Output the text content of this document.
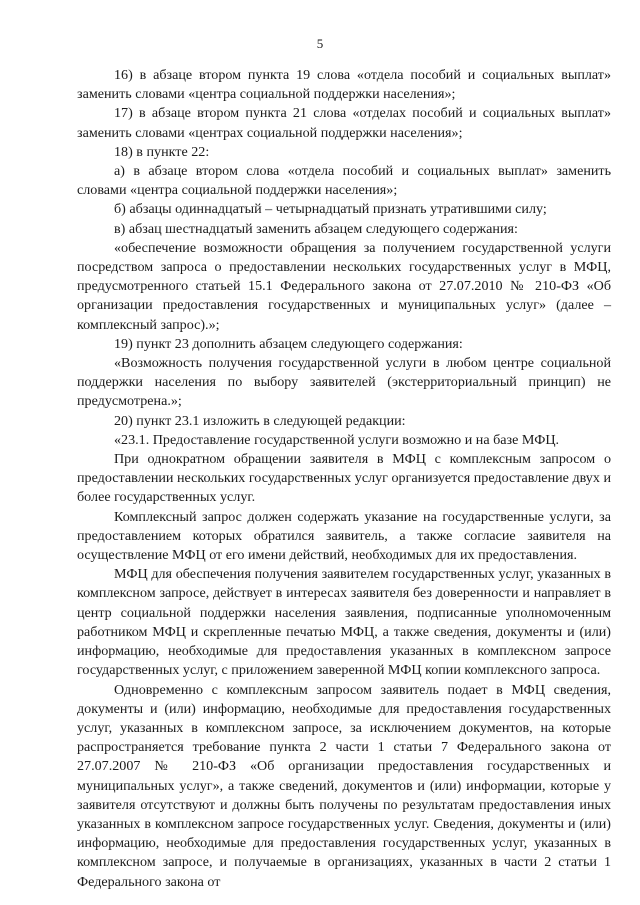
5

16) в абзаце втором пункта 19 слова «отдела пособий и социальных выплат» заменить словами «центра социальной поддержки населения»;

17) в абзаце втором пункта 21 слова «отделах пособий и социальных выплат» заменить словами «центрах социальной поддержки населения»;

18) в пункте 22:

а) в абзаце втором слова «отдела пособий и социальных выплат» заменить словами «центра социальной поддержки населения»;

б) абзацы одиннадцатый – четырнадцатый признать утратившими силу;

в) абзац шестнадцатый заменить абзацем следующего содержания:

«обеспечение возможности обращения за получением государственной услуги посредством запроса о предоставлении нескольких государственных услуг в МФЦ, предусмотренного статьей 15.1 Федерального закона от 27.07.2010 № 210-ФЗ «Об организации предоставления государственных и муниципальных услуг» (далее – комплексный запрос).»;

19) пункт 23 дополнить абзацем следующего содержания:

«Возможность получения государственной услуги в любом центре социальной поддержки населения по выбору заявителей (экстерриториальный принцип) не предусмотрена.»;

20) пункт 23.1 изложить в следующей редакции:

«23.1. Предоставление государственной услуги возможно и на базе МФЦ.

При однократном обращении заявителя в МФЦ с комплексным запросом о предоставлении нескольких государственных услуг организуется предоставление двух и более государственных услуг.

Комплексный запрос должен содержать указание на государственные услуги, за предоставлением которых обратился заявитель, а также согласие заявителя на осуществление МФЦ от его имени действий, необходимых для их предоставления.

МФЦ для обеспечения получения заявителем государственных услуг, указанных в комплексном запросе, действует в интересах заявителя без доверенности и направляет в центр социальной поддержки населения заявления, подписанные уполномоченным работником МФЦ и скрепленные печатью МФЦ, а также сведения, документы и (или) информацию, необходимые для предоставления указанных в комплексном запросе государственных услуг, с приложением заверенной МФЦ копии комплексного запроса.

Одновременно с комплексным запросом заявитель подает в МФЦ сведения, документы и (или) информацию, необходимые для предоставления государственных услуг, указанных в комплексном запросе, за исключением документов, на которые распространяется требование пункта 2 части 1 статьи 7 Федерального закона от 27.07.2007 № 210-ФЗ «Об организации предоставления государственных и муниципальных услуг», а также сведений, документов и (или) информации, которые у заявителя отсутствуют и должны быть получены по результатам предоставления иных указанных в комплексном запросе государственных услуг. Сведения, документы и (или) информацию, необходимые для предоставления государственных услуг, указанных в комплексном запросе, и получаемые в организациях, указанных в части 2 статьи 1 Федерального закона от
